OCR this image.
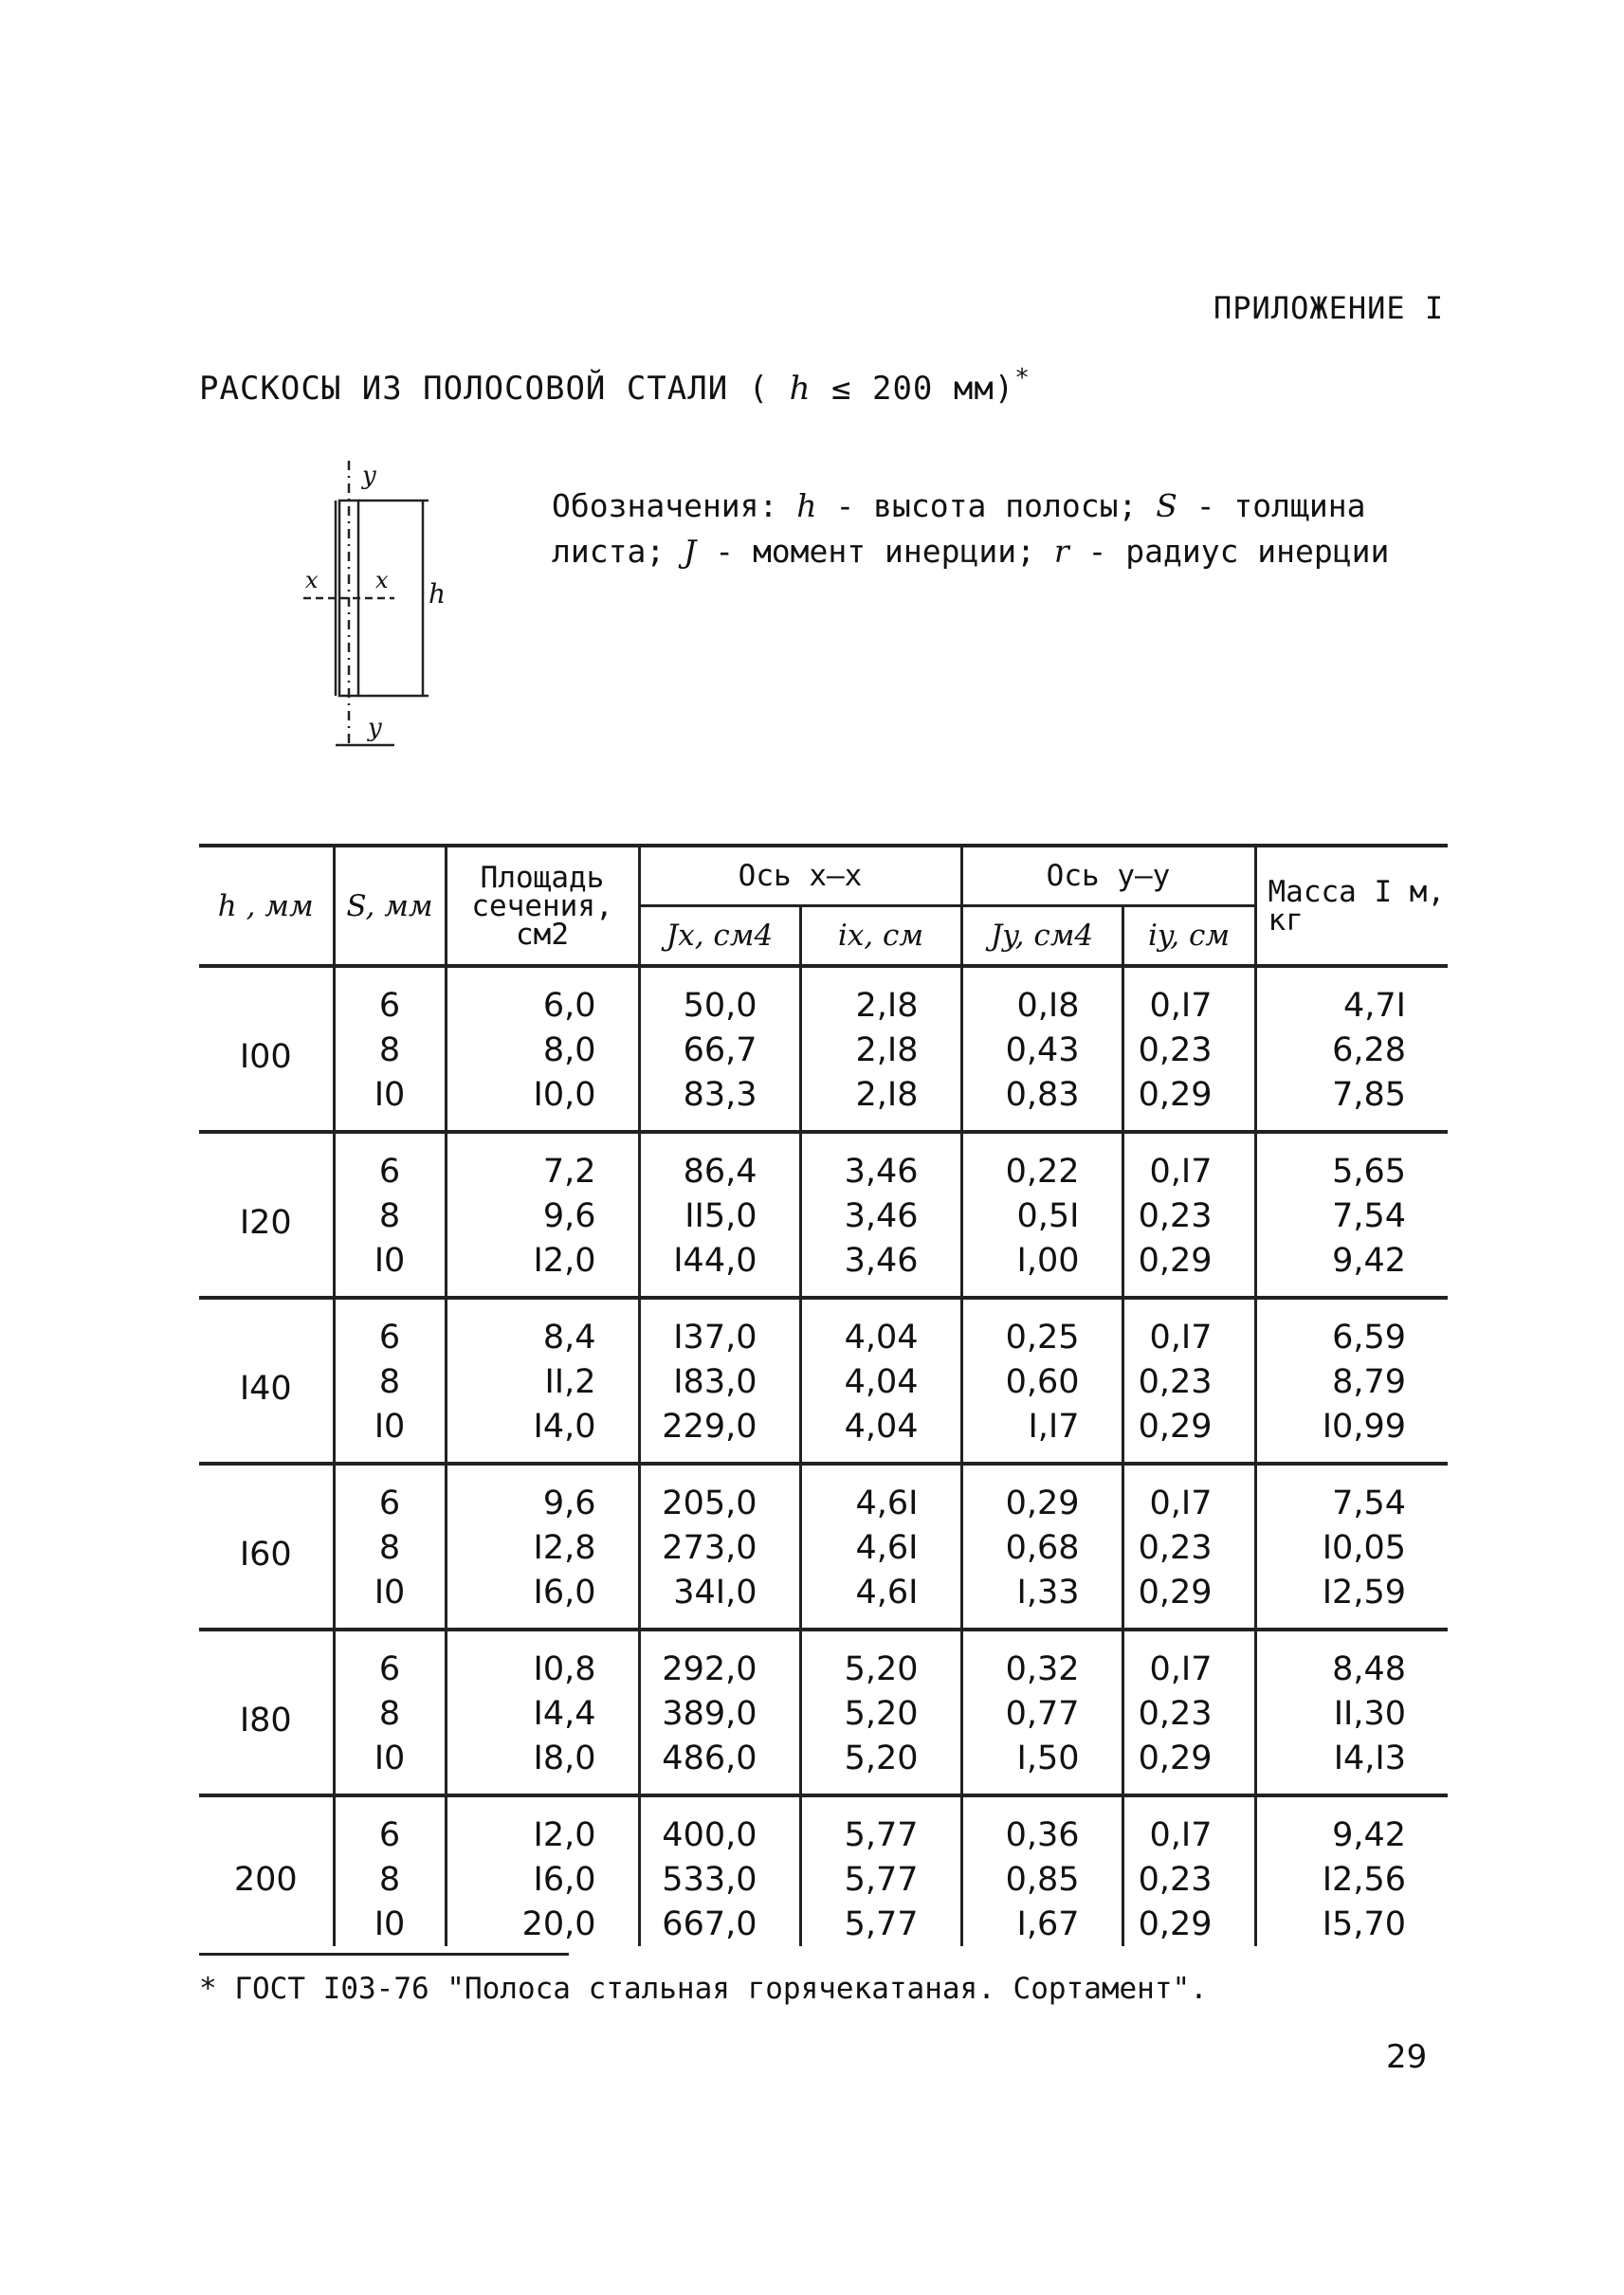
ПРИЛОЖЕНИЕ I
РАСКОСЫ ИЗ ПОЛОСОВОЙ СТАЛИ ( h ≤ 200 мм)*
y
y
x	x h
Обозначения: h - высота полосы; S - толщина
листа; J - момент инерции; r - радиус инерции
h , мм	S, мм	Площадь сечения, см2	Ось х–х		Ось у–у		Масса I м, кг
			Jx, см4	ix, см	Jy, см4	iy, см	
I00	6	6,0	50,0	2,I8	0,I8	0,I7	4,7I
	8	8,0	66,7	2,I8	0,43	0,23	6,28
	I0	I0,0	83,3	2,I8	0,83	0,29	7,85
I20	6	7,2	86,4	3,46	0,22	0,I7	5,65
	8	9,6	II5,0	3,46	0,5I	0,23	7,54
	I0	I2,0	I44,0	3,46	I,00	0,29	9,42
I40	6	8,4	I37,0	4,04	0,25	0,I7	6,59
	8	II,2	I83,0	4,04	0,60	0,23	8,79
	I0	I4,0	229,0	4,04	I,I7	0,29	I0,99
I60	6	9,6	205,0	4,6I	0,29	0,I7	7,54
	8	I2,8	273,0	4,6I	0,68	0,23	I0,05
	I0	I6,0	34I,0	4,6I	I,33	0,29	I2,59
I80	6	I0,8	292,0	5,20	0,32	0,I7	8,48
	8	I4,4	389,0	5,20	0,77	0,23	II,30
	I0	I8,0	486,0	5,20	I,50	0,29	I4,I3
200	6	I2,0	400,0	5,77	0,36	0,I7	9,42
	8	I6,0	533,0	5,77	0,85	0,23	I2,56
	I0	20,0	667,0	5,77	I,67	0,29	I5,70
* ГОСТ I03-76 "Полоса стальная горячекатаная. Сортамент".
29
